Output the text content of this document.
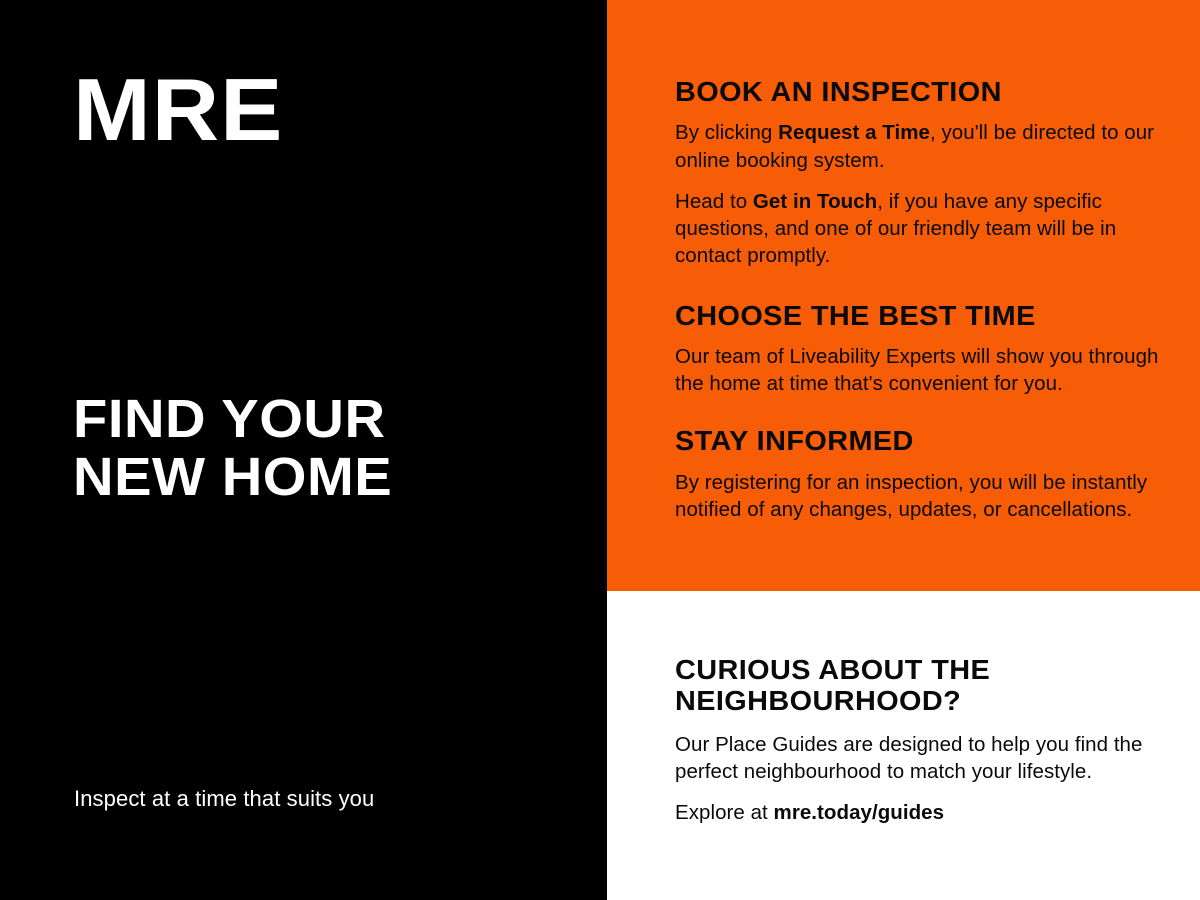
MRE
FIND YOUR
NEW HOME
Inspect at a time that suits you
BOOK AN INSPECTION

By clicking Request a Time, you'll be directed to our online booking system.

Head to Get in Touch, if you have any specific questions, and one of our friendly team will be in contact promptly.

CHOOSE THE BEST TIME

Our team of Liveability Experts will show you through the home at time that's convenient for you.

STAY INFORMED

By registering for an inspection, you will be instantly notified of any changes, updates, or cancellations.

CURIOUS ABOUT THE
NEIGHBOURHOOD?

Our Place Guides are designed to help you find the perfect neighbourhood to match your lifestyle.

Explore at mre.today/guides
